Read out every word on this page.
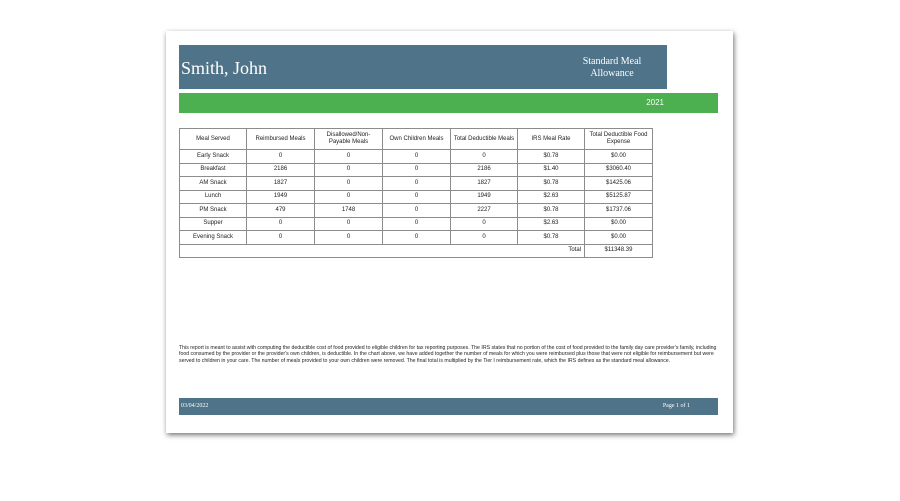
Smith, John	Standard Meal
Allowance
2021
Meal Served	Reimbursed Meals	Disallowed/Non-Payable Meals	Own Children Meals	Total Deductible Meals	IRS Meal Rate	Total Deductible Food Expense
Early Snack	0	0	0	0	$0.78	$0.00
Breakfast	2186	0	0	2186	$1.40	$3060.40
AM Snack	1827	0	0	1827	$0.78	$1425.06
Lunch	1949	0	0	1949	$2.63	$5125.87
PM Snack	479	1748	0	2227	$0.78	$1737.06
Supper	0	0	0	0	$2.63	$0.00
Evening Snack	0	0	0	0	$0.78	$0.00
Total						$11348.39
This report is meant to assist with computing the deductible cost of food provided to eligible children for tax reporting purposes. The IRS states that no portion of the cost of food provided to the family day care provider's family, including food consumed by the provider or the provider's own children, is deductible. In the chart above, we have added together the number of meals for which you were reimbursed plus those that were not eligible for reimbursement but were served to children in your care. The number of meals provided to your own children were removed. The final total is multiplied by the Tier I reimbursement rate, which the IRS defines as the standard meal allowance.
03/04/2022	Page 1 of 1
